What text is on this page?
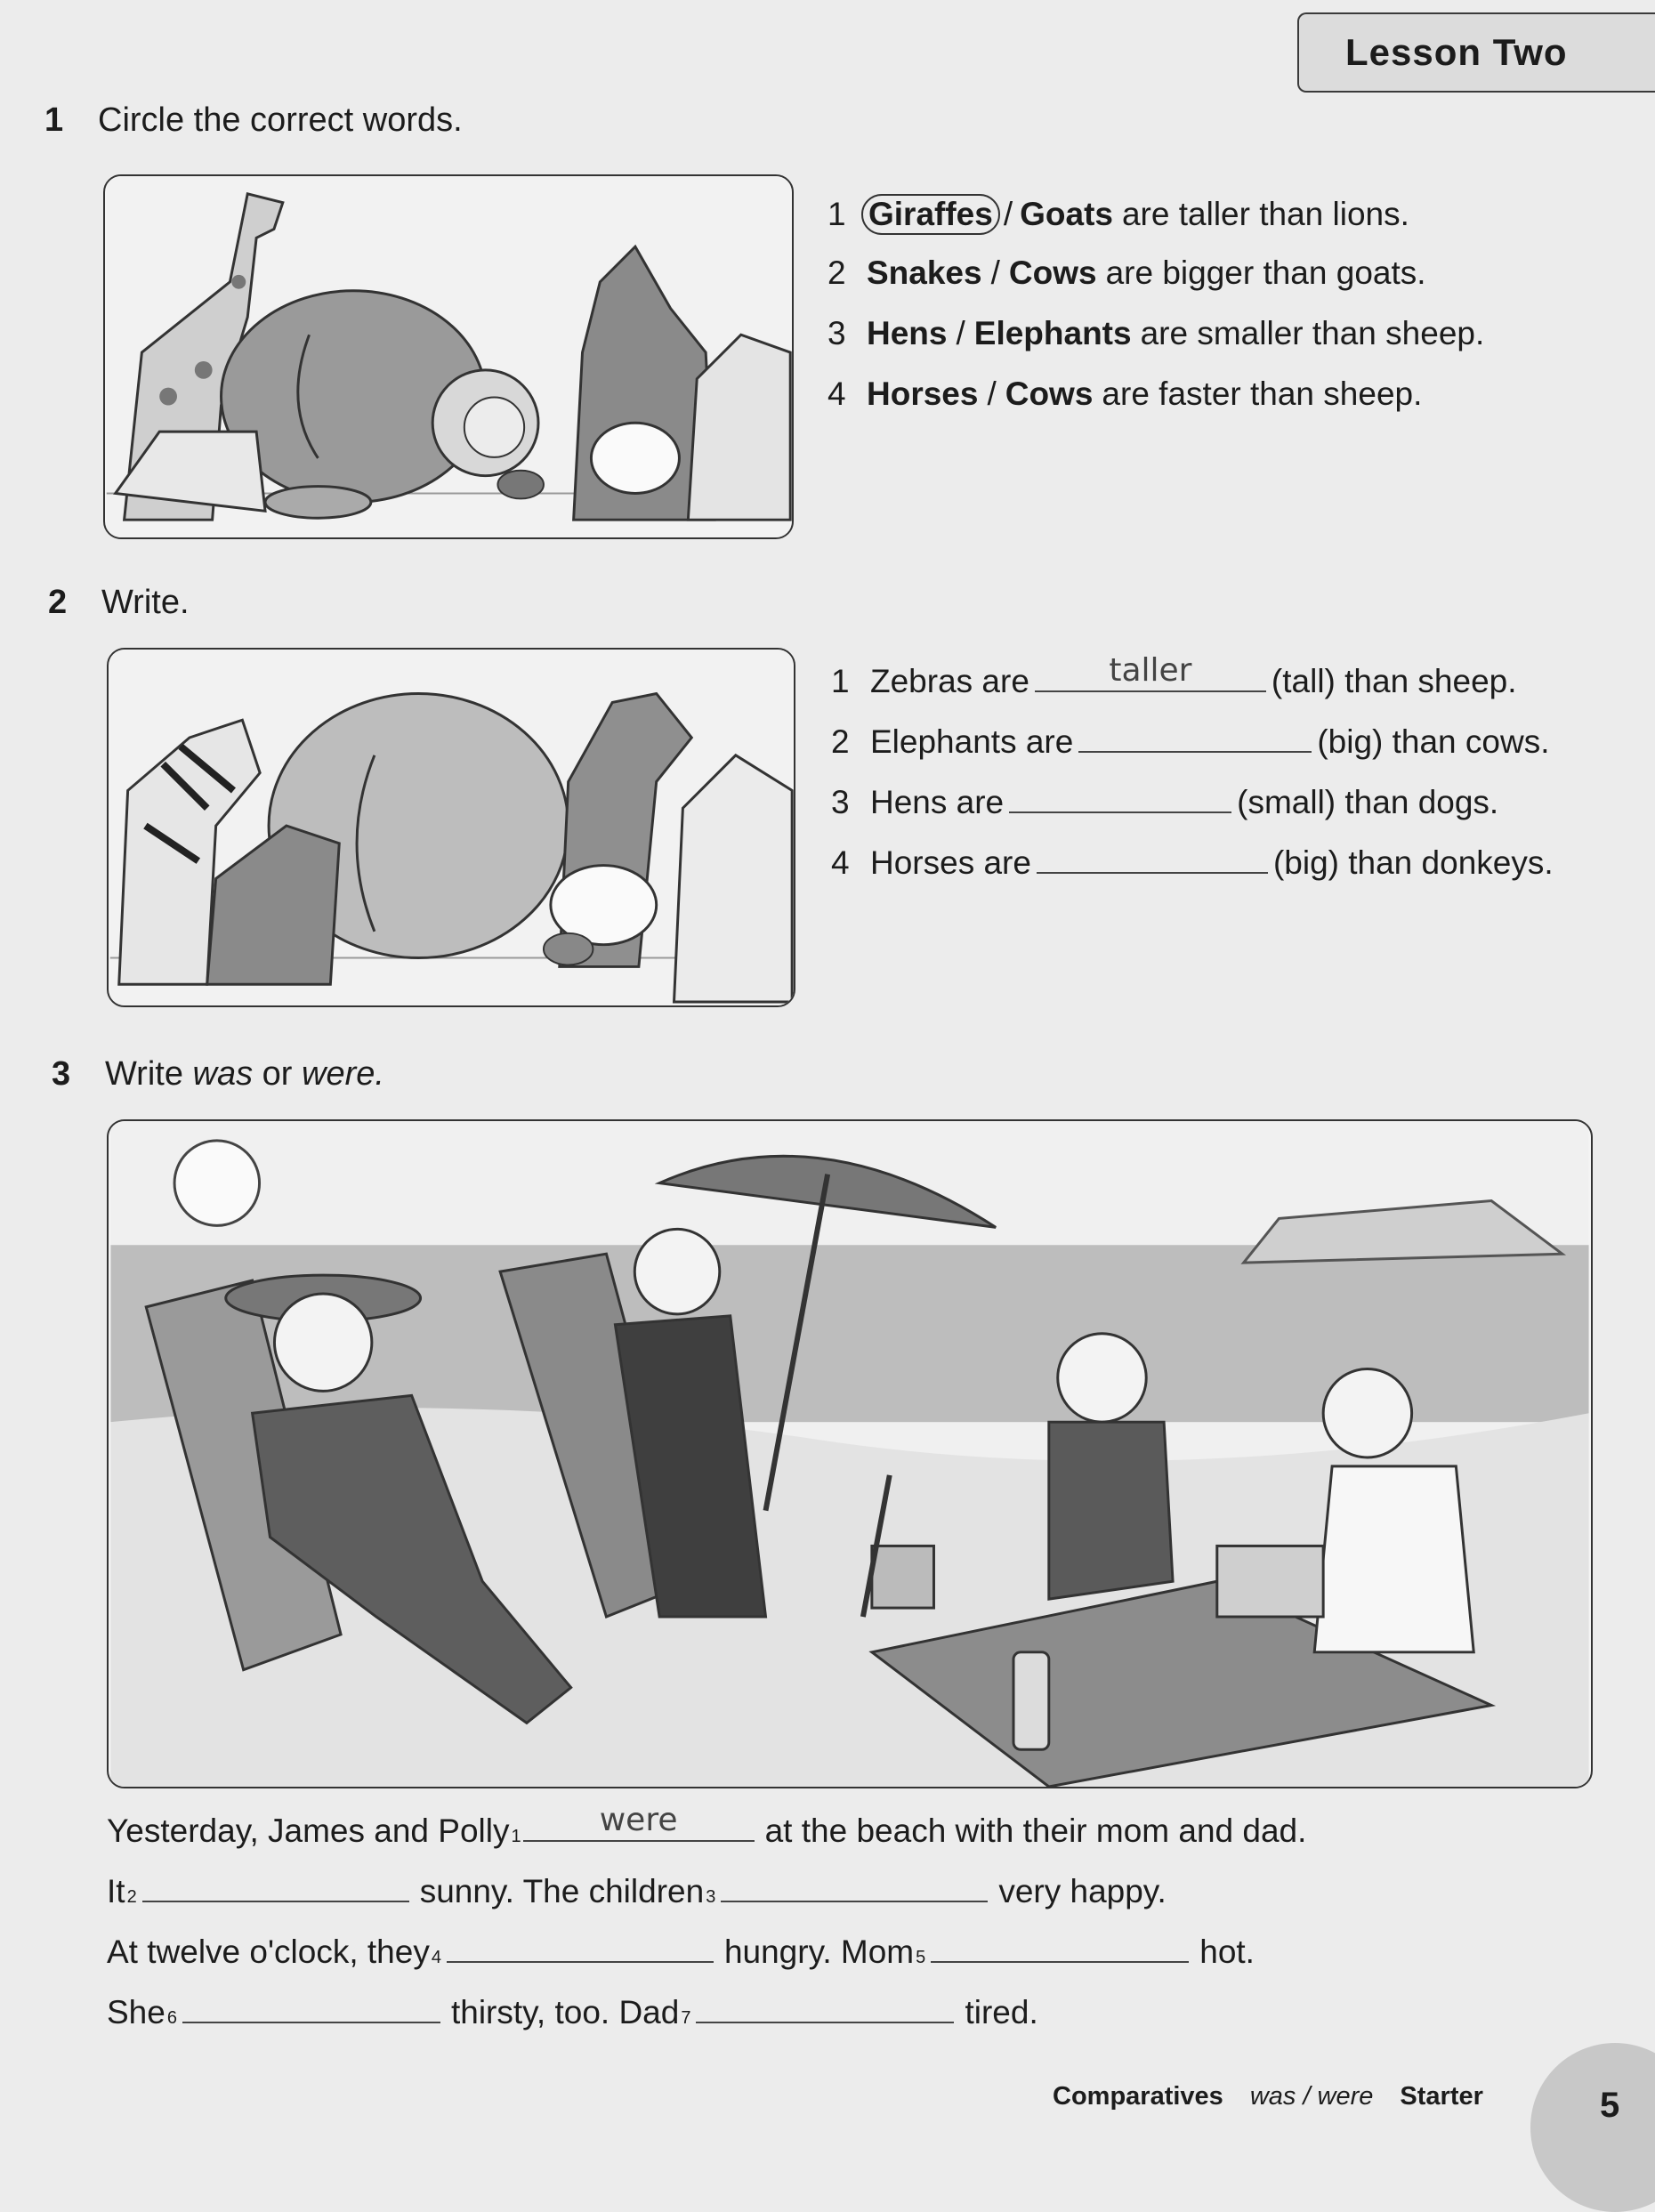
Lesson Two
1	Circle the correct words.
1 Giraffes / Goats are taller than lions.
2 Snakes / Cows are bigger than goats.
3 Hens / Elephants are smaller than sheep.
4 Horses / Cows are faster than sheep.
2	Write.
1 Zebras are	taller	(tall) than sheep.
2 Elephants are	(big) than cows.
3 Hens are	(small) than dogs.
4 Horses are	(big) than donkeys.
3	Write
was
or
were.
Yesterday, James and Polly 1	were	at the beach with their mom and dad.
It 2	sunny. The children 3	very happy.
At twelve o'clock, they 4	hungry. Mom 5	hot.
She 6	thirsty, too. Dad 7	tired.
Comparatives was / were Starter	5
